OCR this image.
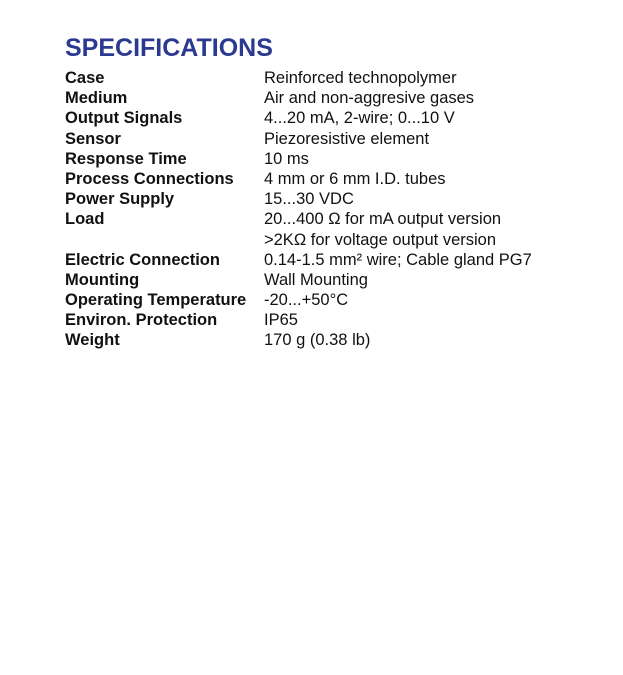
SPECIFICATIONS
Case	Reinforced technopolymer
Medium	Air and non-aggresive gases
Output Signals	4...20 mA, 2-wire; 0...10 V
Sensor	Piezoresistive element
Response Time	10 ms
Process Connections 4 mm or 6 mm I.D. tubes
Power Supply	15...30 VDC
Load	20...400 Ω for mA output version
>2KΩ for voltage output version
Electric Connection	0.14-1.5 mm² wire; Cable gland PG7
Mounting	Wall Mounting
Operating Temperature -20...+50°C
Environ. Protection	IP65
Weight	170 g (0.38 lb)
